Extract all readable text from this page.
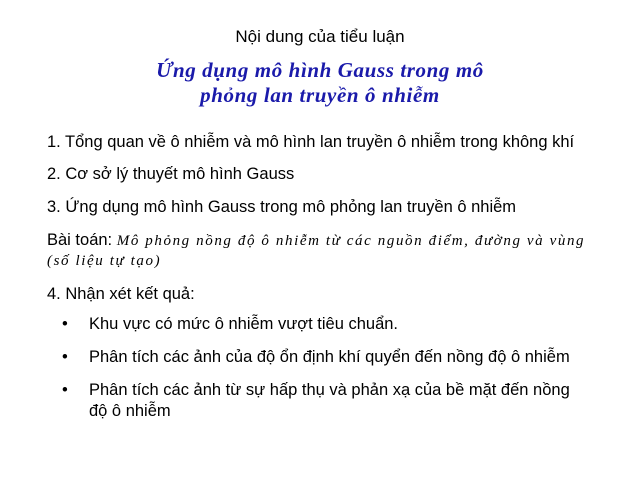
Nội dung của tiểu luận
Ứng dụng mô hình Gauss trong mô
phỏng lan truyền ô nhiễm
1. Tổng quan về ô nhiễm và mô hình lan truyền ô nhiễm trong không khí
2. Cơ sở lý thuyết mô hình Gauss
3. Ứng dụng mô hình Gauss trong mô phỏng lan truyền ô nhiễm
Bài toán: Mô phỏng nồng độ ô nhiễm từ các nguồn điểm, đường và vùng
(số liệu tự tạo)
4. Nhận xét kết quả:
• Khu vực có mức ô nhiễm vượt tiêu chuẩn.
• Phân tích các ảnh của độ ổn định khí quyển đến nồng độ ô nhiễm
• Phân tích các ảnh từ sự hấp thụ và phản xạ của bề mặt đến nồng
độ ô nhiễm
